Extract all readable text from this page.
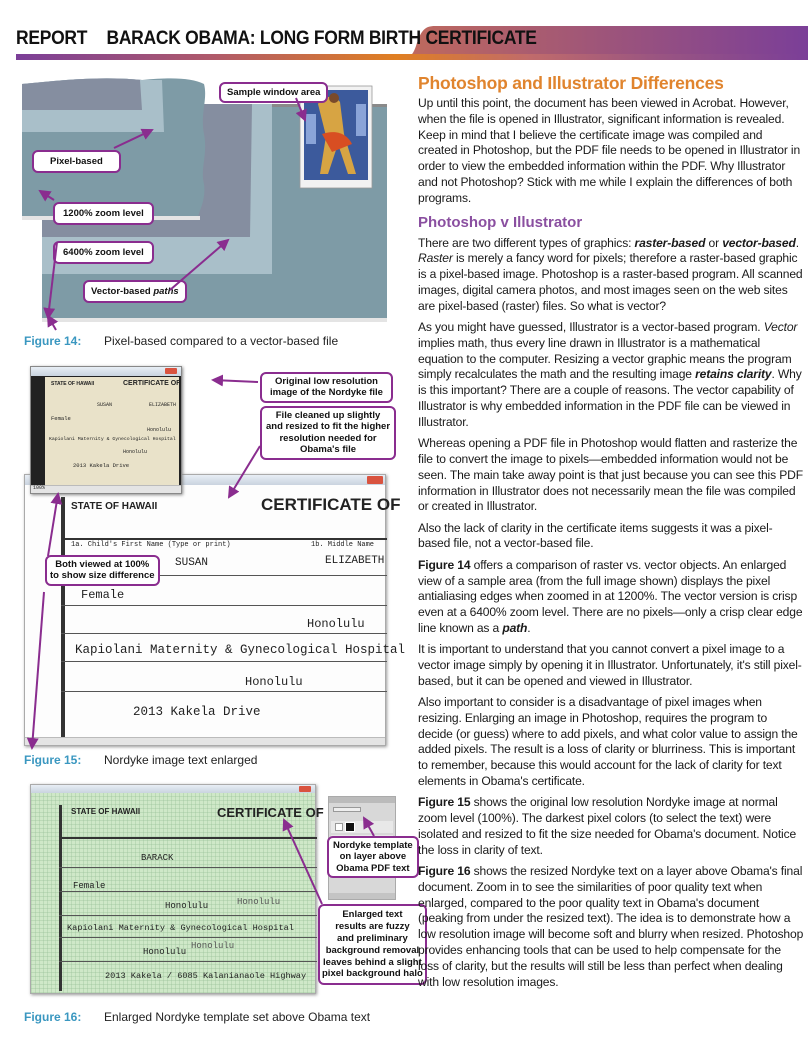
REPORT BARACK OBAMA: LONG FORM BIRTH CERTIFICATE
Sample window area
Pixel-based
1200% zoom level
6400% zoom level
Vector-based paths
Figure 14: Pixel-based compared to a vector-based file
STATE OF HAWAII	CERTIFICATE OF
1a. Child's First Name (Type or print)	1b. Middle Name
SUSAN	ELIZABETH
Female
Honolulu
Kapiolani Maternity & Gynecological Hospital
Honolulu
2013 Kakela Drive
STATE OF HAWAII	CERTIFICATE OF
SUSAN	ELIZABETH
Female
Honolulu
Kapiolani Maternity & Gynecological Hospital
Honolulu
2013 Kakela Drive
100%
Original low resolution
image of the Nordyke file
File cleaned up slightly
and resized to fit the higher
resolution needed for
Obama's file
Both viewed at 100%
to show size difference
Figure 15: Nordyke image text enlarged
STATE OF HAWAII	CERTIFICATE OF
BARACK
Female
Honolulu	Honolulu
Kapiolani Maternity & Gynecological Hospital
Honolulu
Honolulu
2013 Kakela / 6085 Kalanianaole Highway
Nordyke template
on layer above
Obama PDF text
Enlarged text
results are fuzzy
and preliminary
background removal
leaves behind a slight
pixel background halo
Figure 16: Enlarged Nordyke template set above Obama text
Photoshop and Illustrator Differences

Up until this point, the document has been viewed in Acrobat. However, when the file is opened in Illustrator, significant information is revealed. Keep in mind that I believe the certificate image was compiled and created in Photoshop, but the PDF file needs to be opened in Illustrator in order to view the embedded information within the PDF. Why Illustrator and not Photoshop? Stick with me while I explain the differences of both programs.

Photoshop v Illustrator

There are two different types of graphics: raster-based or vector-based. Raster is merely a fancy word for pixels; therefore a raster-based graphic is a pixel-based image. Photoshop is a raster-based program. All scanned images, digital camera photos, and most images seen on the web sites are pixel-based (raster) files. So what is vector?

As you might have guessed, Illustrator is a vector-based program. Vector implies math, thus every line drawn in Illustrator is a mathematical equation to the computer. Resizing a vector graphic means the program simply recalculates the math and the resulting image retains clarity. Why is this important? There are a couple of reasons. The vector capability of Illustrator is why embedded information in the PDF file can be viewed in Illustrator.

Whereas opening a PDF file in Photoshop would flatten and rasterize the file to convert the image to pixels—embedded information would not be seen. The main take away point is that just because you can see this PDF information in Illustrator does not necessarily mean the file was compiled or created in Illustrator.

Also the lack of clarity in the certificate items suggests it was a pixel-based file, not a vector-based file.

Figure 14 offers a comparison of raster vs. vector objects. An enlarged view of a sample area (from the full image shown) displays the pixel antialiasing edges when zoomed in at 1200%. The vector version is crisp even at a 6400% zoom level. There are no pixels—only a crisp clear edge line known as a path.

It is important to understand that you cannot convert a pixel image to a vector image simply by opening it in Illustrator. Unfortunately, it's still pixel-based, but it can be opened and viewed in Illustrator.

Also important to consider is a disadvantage of pixel images when resizing. Enlarging an image in Photoshop, requires the program to decide (or guess) where to add pixels, and what color value to assign the added pixels. The result is a loss of clarity or blurriness. This is important to remember, because this would account for the lack of clarity for text elements in Obama's certificate.

Figure 15 shows the original low resolution Nordyke image at normal zoom level (100%). The darkest pixel colors (to select the text) were isolated and resized to fit the size needed for Obama's document. Notice the loss in clarity of text.

Figure 16 shows the resized Nordyke text on a layer above Obama's final document. Zoom in to see the similarities of poor quality text when enlarged, compared to the poor quality text in Obama's document (peaking from under the resized text). The idea is to demonstrate how a low resolution image will become soft and blurry when resized. Photoshop provides enhancing tools that can be used to help compensate for the loss of clarity, but the results will still be less than perfect when dealing with low resolution images.
